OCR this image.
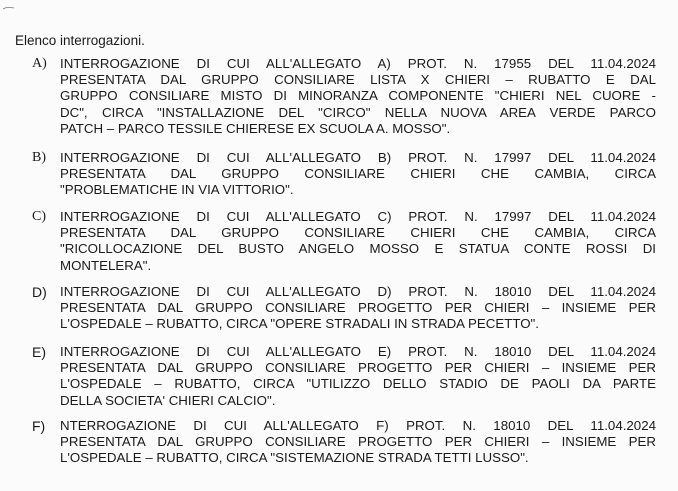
Elenco interrogazioni.
A) INTERROGAZIONE DI CUI ALL'ALLEGATO A) PROT. N. 17955 DEL 11.04.2024
PRESENTATA DAL GRUPPO CONSILIARE LISTA X CHIERI – RUBATTO E DAL
GRUPPO CONSILIARE MISTO DI MINORANZA COMPONENTE "CHIERI NEL CUORE -
DC", CIRCA "INSTALLAZIONE DEL "CIRCO" NELLA NUOVA AREA VERDE PARCO
PATCH – PARCO TESSILE CHIERESE EX SCUOLA A. MOSSO".
B)	INTERROGAZIONE DI CUI ALL'ALLEGATO B) PROT. N. 17997 DEL 11.04.2024
PRESENTATA DAL GRUPPO CONSILIARE CHIERI CHE CAMBIA, CIRCA
"PROBLEMATICHE IN VIA VITTORIO".
C)	INTERROGAZIONE DI CUI ALL'ALLEGATO C) PROT. N. 17997 DEL 11.04.2024
PRESENTATA DAL GRUPPO CONSILIARE CHIERI CHE CAMBIA, CIRCA
"RICOLLOCAZIONE DEL BUSTO ANGELO MOSSO E STATUA CONTE ROSSI DI
MONTELERA".
D) INTERROGAZIONE DI CUI ALL'ALLEGATO D) PROT. N. 18010 DEL 11.04.2024
PRESENTATA DAL GRUPPO CONSILIARE PROGETTO PER CHIERI – INSIEME PER
L'OSPEDALE – RUBATTO, CIRCA "OPERE STRADALI IN STRADA PECETTO".
E)	INTERROGAZIONE DI CUI ALL'ALLEGATO E) PROT. N. 18010 DEL 11.04.2024
PRESENTATA DAL GRUPPO CONSILIARE PROGETTO PER CHIERI – INSIEME PER
L'OSPEDALE – RUBATTO, CIRCA "UTILIZZO DELLO STADIO DE PAOLI DA PARTE
DELLA SOCIETA' CHIERI CALCIO".
F)	NTERROGAZIONE DI CUI ALL'ALLEGATO F) PROT. N. 18010 DEL 11.04.2024
PRESENTATA DAL GRUPPO CONSILIARE PROGETTO PER CHIERI – INSIEME PER
L'OSPEDALE – RUBATTO, CIRCA "SISTEMAZIONE STRADA TETTI LUSSO".
